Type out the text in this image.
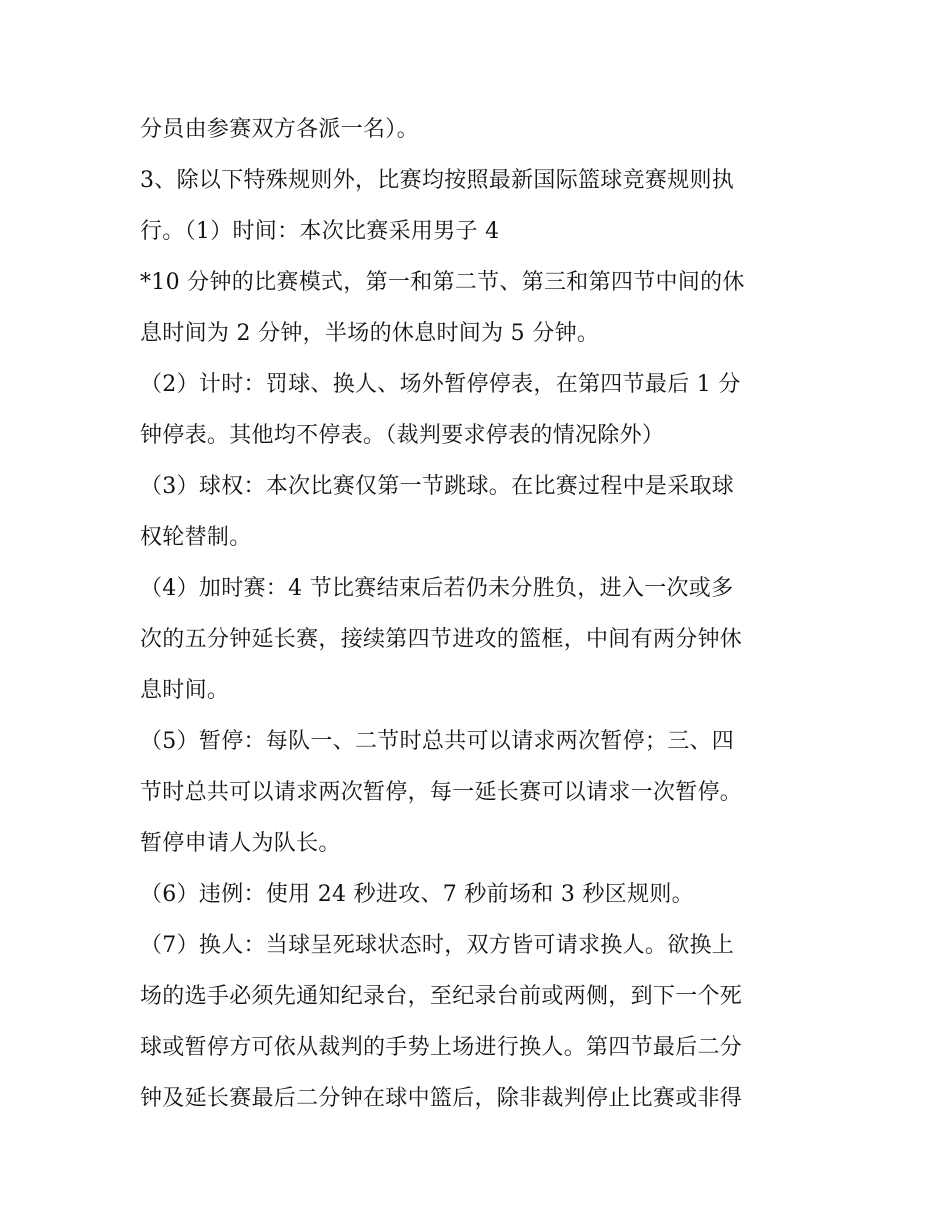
分员由参赛双方各派一名）。
3、除以下特殊规则外，比赛均按照最新国际篮球竞赛规则执
行。（1）时间：本次比赛采用男子 4
*10 分钟的比赛模式，第一和第二节、第三和第四节中间的休
息时间为 2 分钟，半场的休息时间为 5 分钟。
（2）计时：罚球、换人、场外暂停停表，在第四节最后 1 分
钟停表。其他均不停表。（裁判要求停表的情况除外）
（3）球权：本次比赛仅第一节跳球。在比赛过程中是采取球
权轮替制。
（4）加时赛：4 节比赛结束后若仍未分胜负，进入一次或多
次的五分钟延长赛，接续第四节进攻的篮框，中间有两分钟休
息时间。
（5）暂停：每队一、二节时总共可以请求两次暂停；三、四
节时总共可以请求两次暂停，每一延长赛可以请求一次暂停。
暂停申请人为队长。
（6）违例：使用 24 秒进攻、7 秒前场和 3 秒区规则。
（7）换人：当球呈死球状态时，双方皆可请求换人。欲换上
场的选手必须先通知纪录台，至纪录台前或两侧，到下一个死
球或暂停方可依从裁判的手势上场进行换人。第四节最后二分
钟及延长赛最后二分钟在球中篮后，除非裁判停止比赛或非得
